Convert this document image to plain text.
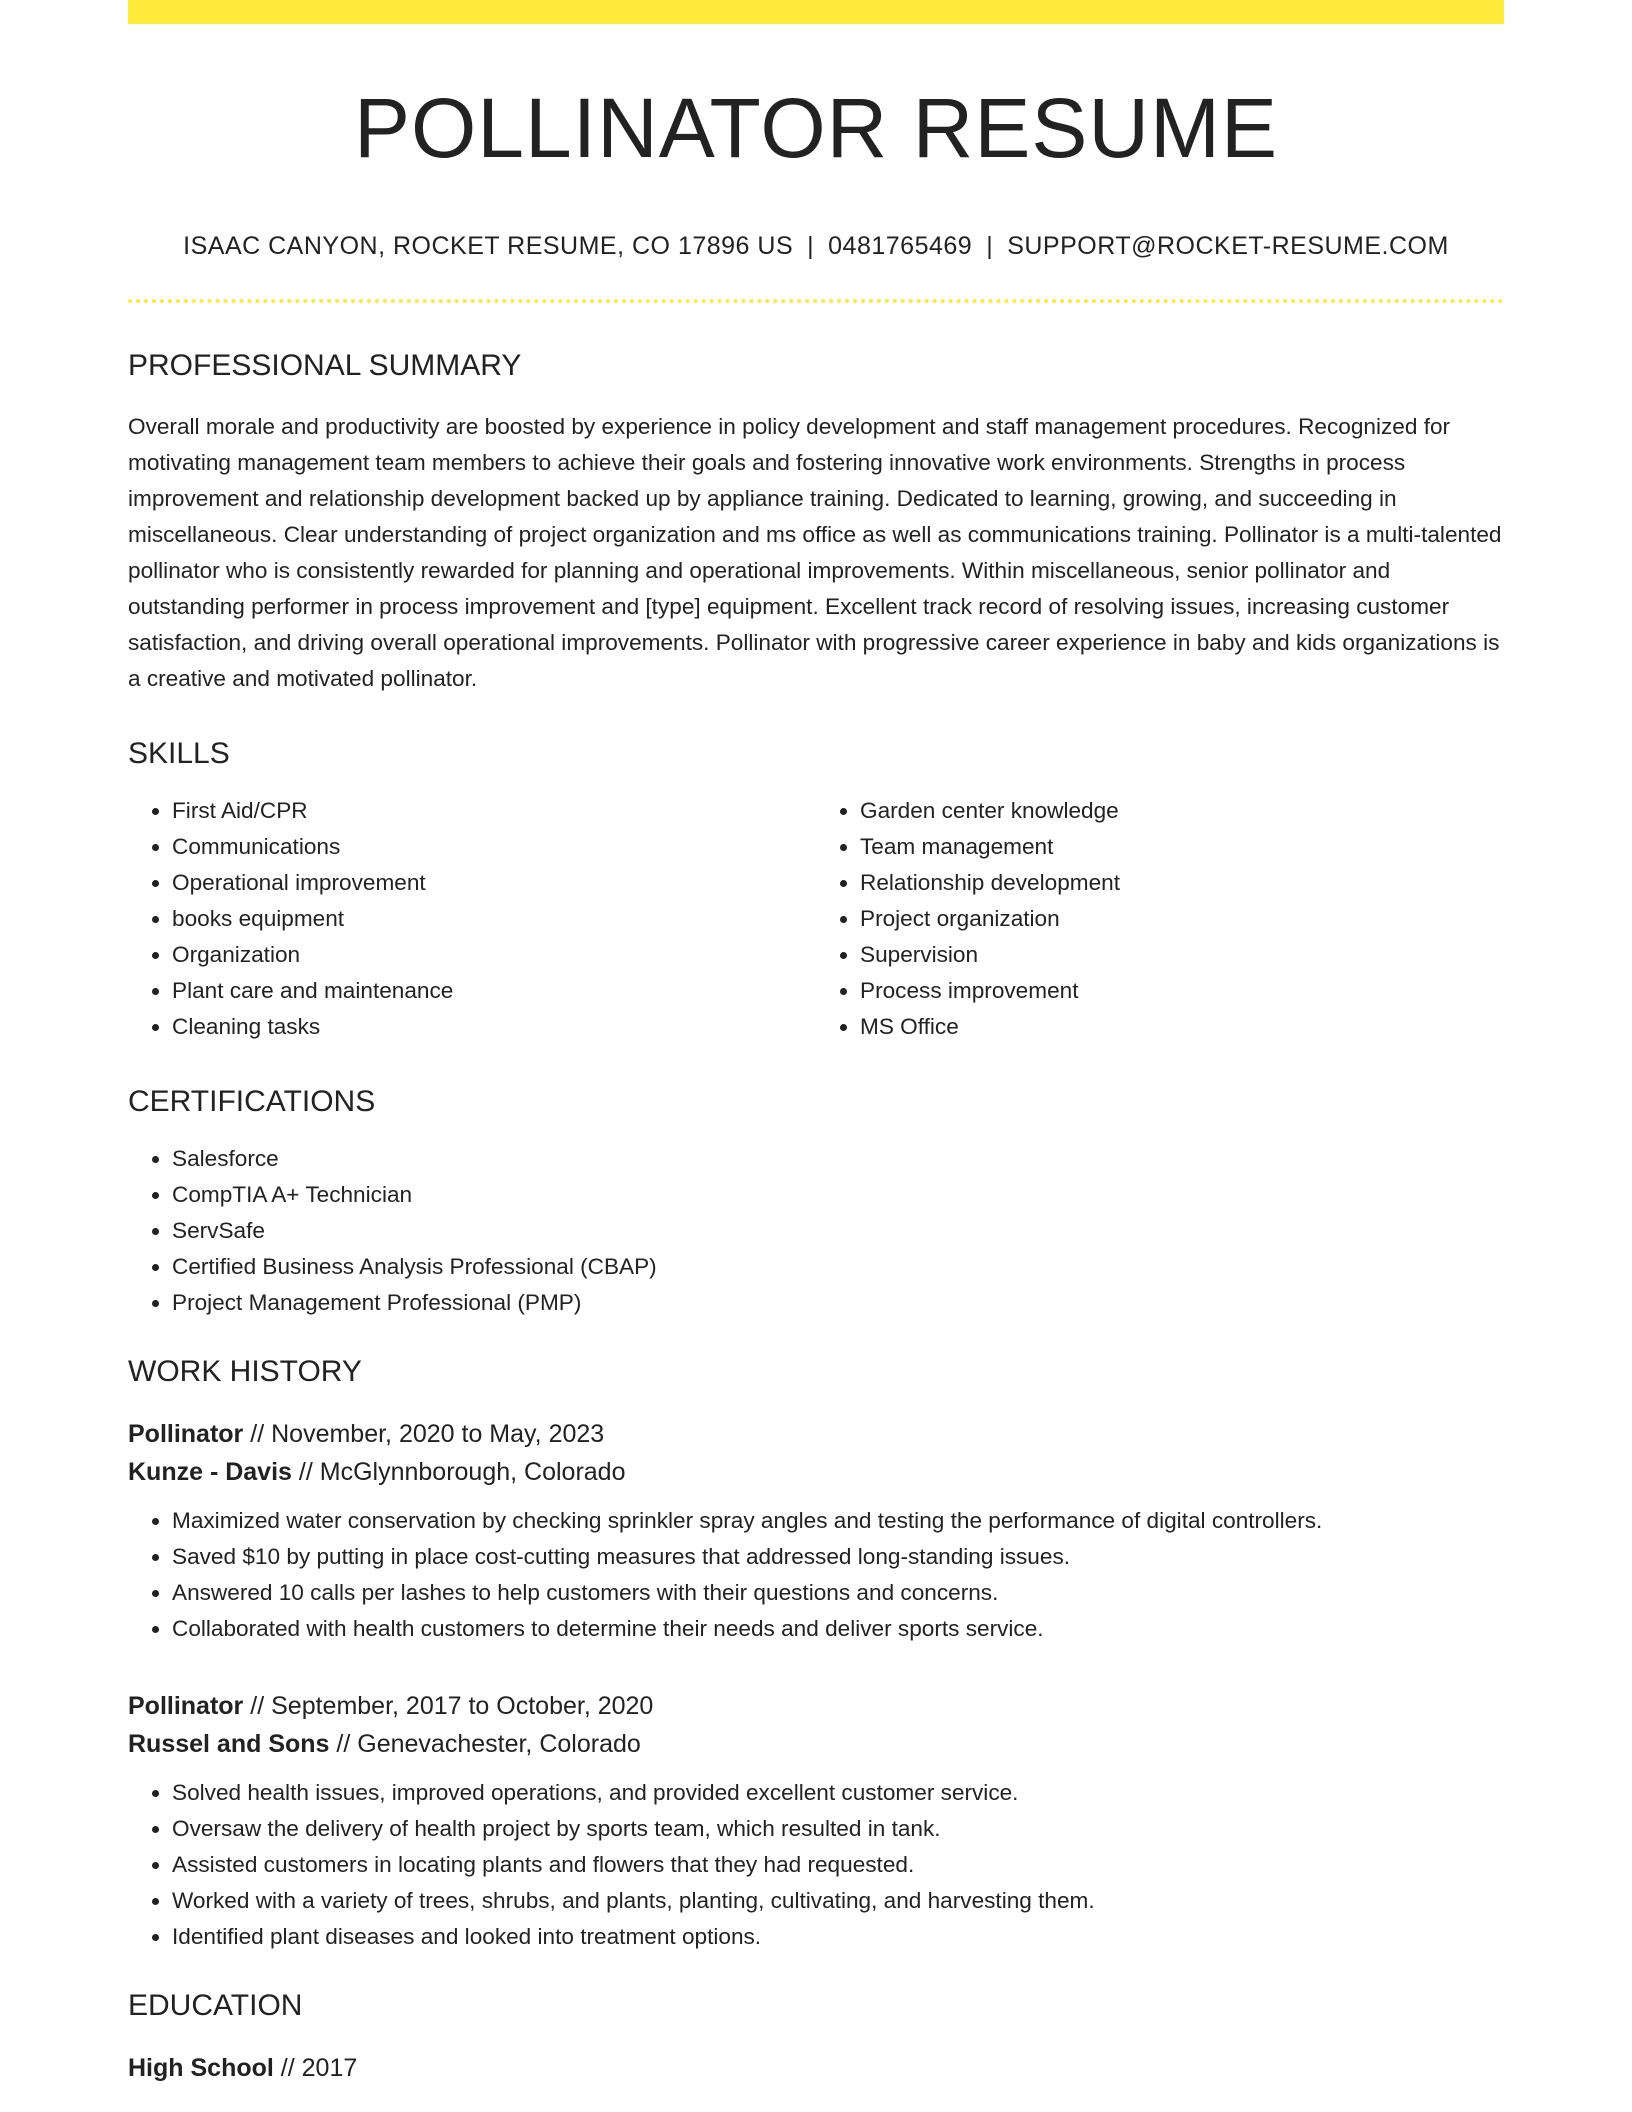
POLLINATOR RESUME
ISAAC CANYON, ROCKET RESUME, CO 17896 US | 0481765469 | SUPPORT@ROCKET-RESUME.COM
PROFESSIONAL SUMMARY

Overall morale and productivity are boosted by experience in policy development and staff management procedures. Recognized for motivating management team members to achieve their goals and fostering innovative work environments. Strengths in process improvement and relationship development backed up by appliance training. Dedicated to learning, growing, and succeeding in miscellaneous. Clear understanding of project organization and ms office as well as communications training. Pollinator is a multi-talented pollinator who is consistently rewarded for planning and operational improvements. Within miscellaneous, senior pollinator and outstanding performer in process improvement and [type] equipment. Excellent track record of resolving issues, increasing customer satisfaction, and driving overall operational improvements. Pollinator with progressive career experience in baby and kids organizations is a creative and motivated pollinator.

SKILLS
• First Aid/CPR
• Communications
• Operational improvement
• books equipment
• Organization
• Plant care and maintenance
• Cleaning tasks
• Garden center knowledge
• Team management
• Relationship development
• Project organization
• Supervision
• Process improvement
• MS Office
CERTIFICATIONS
• Salesforce
• CompTIA A+ Technician
• ServSafe
• Certified Business Analysis Professional (CBAP)
• Project Management Professional (PMP)
WORK HISTORY
Pollinator // November, 2020 to May, 2023
Kunze - Davis // McGlynnborough, Colorado
• Maximized water conservation by checking sprinkler spray angles and testing the performance of digital controllers.
• Saved $10 by putting in place cost-cutting measures that addressed long-standing issues.
• Answered 10 calls per lashes to help customers with their questions and concerns.
• Collaborated with health customers to determine their needs and deliver sports service.
Pollinator // September, 2017 to October, 2020
Russel and Sons // Genevachester, Colorado
• Solved health issues, improved operations, and provided excellent customer service.
• Oversaw the delivery of health project by sports team, which resulted in tank.
• Assisted customers in locating plants and flowers that they had requested.
• Worked with a variety of trees, shrubs, and plants, planting, cultivating, and harvesting them.
• Identified plant diseases and looked into treatment options.
EDUCATION
High School // 2017
